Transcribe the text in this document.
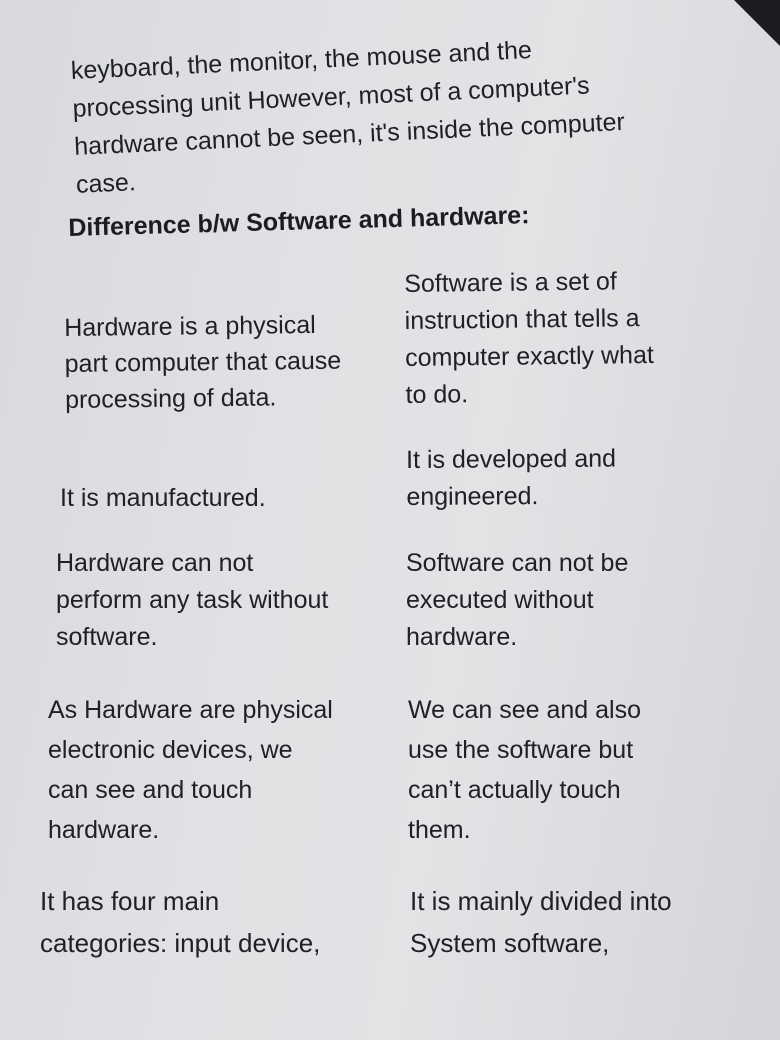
keyboard, the monitor, the mouse and the
processing unit However, most of a computer's
hardware cannot be seen, it's inside the computer
case.
Difference b/w Software and hardware:
Hardware is a physical
part computer that cause
processing of data.
Software is a set of
instruction that tells a
computer exactly what
to do.
It is manufactured.
It is developed and
engineered.
Hardware can not
perform any task without
software.
Software can not be
executed without
hardware.
As Hardware are physical
electronic devices, we
can see and touch
hardware.
We can see and also
use the software but
can’t actually touch
them.
It has four main
categories: input device,
It is mainly divided into
System software,
